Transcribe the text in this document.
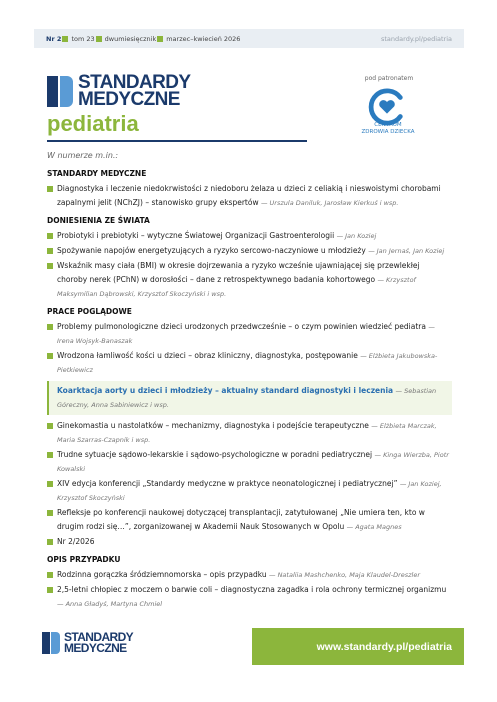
Nr 2 tom 23 dwumiesięcznik marzec–kwiecień 2026	standardy.pl/pediatria
STANDARDY
MEDYCZNE
pediatria
pod patronatem
CENTRUM
ZDROWIA DZIECKA
W numerze m.in.:
STANDARDY MEDYCZNE
Diagnostyka i leczenie niedokrwistości z niedoboru żelaza u dzieci z celiakią i nieswoistymi chorobami zapalnymi jelit (NChZJ) – stanowisko grupy ekspertów — Urszula Daniluk, Jarosław Kierkuś i wsp.
DONIESIENIA ZE ŚWIATA
Probiotyki i prebiotyki – wytyczne Światowej Organizacji Gastroenterologii — Jan Koziej
Spożywanie napojów energetyzujących a ryzyko sercowo-naczyniowe u młodzieży — Jan Jernaś, Jan Koziej
Wskaźnik masy ciała (BMI) w okresie dojrzewania a ryzyko wcześnie ujawniającej się przewlekłej choroby nerek (PChN) w dorosłości – dane z retrospektywnego badania kohortowego — Krzysztof Maksymilian Dąbrowski, Krzysztof Skoczyński i wsp.
PRACE POGLĄDOWE
Problemy pulmonologiczne dzieci urodzonych przedwcześnie – o czym powinien wiedzieć pediatra — Irena Wojsyk-Banaszak
Wrodzona łamliwość kości u dzieci – obraz kliniczny, diagnostyka, postępowanie — Elżbieta Jakubowska-Pietkiewicz
Koarktacja aorty u dzieci i młodzieży – aktualny standard diagnostyki i leczenia — Sebastian Góreczny, Anna Sabiniewicz i wsp.
Ginekomastia u nastolatków – mechanizmy, diagnostyka i podejście terapeutyczne — Elżbieta Marczak, Maria Szarras-Czapnik i wsp.
Trudne sytuacje sądowo-lekarskie i sądowo-psychologiczne w poradni pediatrycznej — Kinga Wierzba, Piotr Kowalski
XIV edycja konferencji „Standardy medyczne w praktyce neonatologicznej i pediatrycznej” — Jan Koziej, Krzysztof Skoczyński
Refleksje po konferencji naukowej dotyczącej transplantacji, zatytułowanej „Nie umiera ten, kto w drugim rodzi się…”, zorganizowanej w Akademii Nauk Stosowanych w Opolu — Agata Magnes
Nr 2/2026
OPIS PRZYPADKU
Rodzinna gorączka śródziemnomorska – opis przypadku — Nataliia Mashchenko, Maja Klaudel-Dreszler
2,5-letni chłopiec z moczem o barwie coli – diagnostyczna zagadka i rola ochrony termicznej organizmu — Anna Gładyś, Martyna Chmiel
STANDARDY
MEDYCZNE	www.standardy.pl/ pediatria
